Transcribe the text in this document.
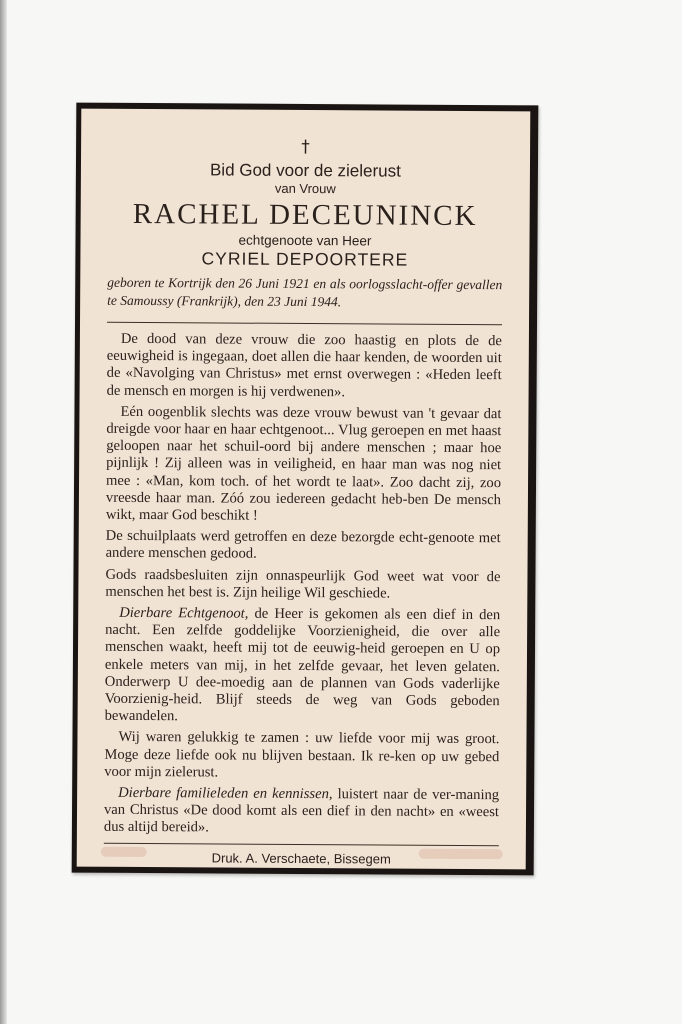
†
Bid God voor de zielerust
van Vrouw
RACHEL DECEUNINCK
echtgenoote van Heer
CYRIEL DEPOORTERE
geboren te Kortrijk den 26 Juni 1921 en als oorlogsslacht-offer gevallen te Samoussy (Frankrijk), den 23 Juni 1944.

De dood van deze vrouw die zoo haastig en plots de de eeuwigheid is ingegaan, doet allen die haar kenden, de woorden uit de «Navolging van Christus» met ernst overwegen : «Heden leeft de mensch en morgen is hij verdwenen».

Eén oogenblik slechts was deze vrouw bewust van 't gevaar dat dreigde voor haar en haar echtgenoot... Vlug geroepen en met haast geloopen naar het schuil-oord bij andere menschen ; maar hoe pijnlijk ! Zij alleen was in veiligheid, en haar man was nog niet mee : «Man, kom toch. of het wordt te laat». Zoo dacht zij, zoo vreesde haar man. Zóó zou iedereen gedacht heb-ben De mensch wikt, maar God beschikt !

De schuilplaats werd getroffen en deze bezorgde echt-genoote met andere menschen gedood.

Gods raadsbesluiten zijn onnaspeurlijk God weet wat voor de menschen het best is. Zijn heilige Wil geschiede.

Dierbare Echtgenoot, de Heer is gekomen als een dief in den nacht. Een zelfde goddelijke Voorzienigheid, die over alle menschen waakt, heeft mij tot de eeuwig-heid geroepen en U op enkele meters van mij, in het zelfde gevaar, het leven gelaten. Onderwerp U dee-moedig aan de plannen van Gods vaderlijke Voorzienig-heid. Blijf steeds de weg van Gods geboden bewandelen.

Wij waren gelukkig te zamen : uw liefde voor mij was groot. Moge deze liefde ook nu blijven bestaan. Ik re-ken op uw gebed voor mijn zielerust.

Dierbare familieleden en kennissen, luistert naar de ver-maning van Christus «De dood komt als een dief in den nacht» en «weest dus altijd bereid».

Druk. A. Verschaete, Bissegem
